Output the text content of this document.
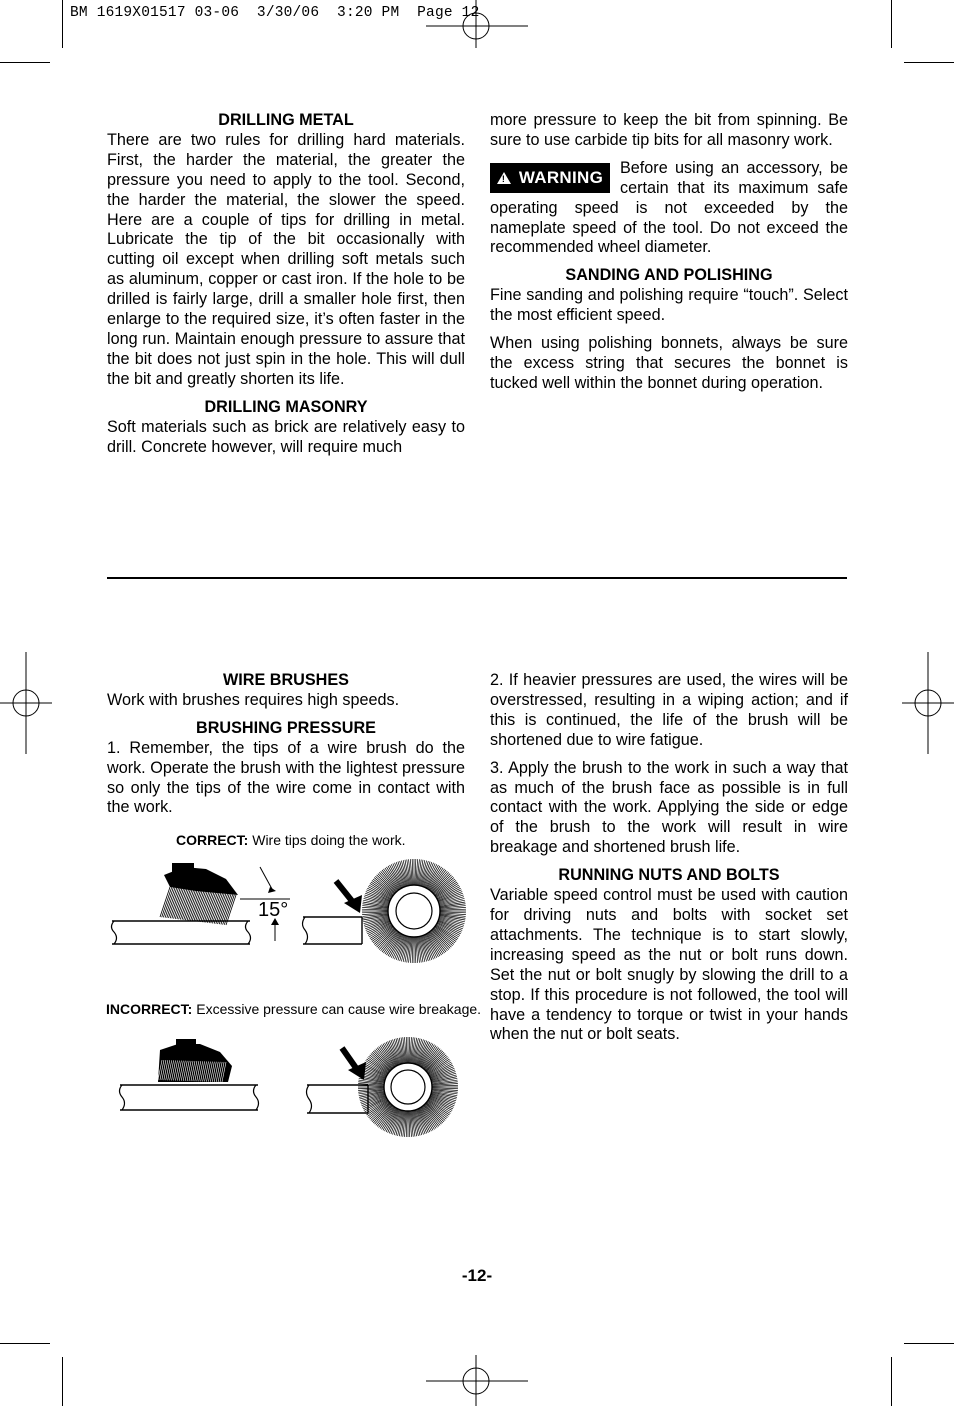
BM 1619X01517 03-06  3/30/06  3:20 PM  Page 12
DRILLING METAL

There are two rules for drilling hard materials. First, the harder the material, the greater the pressure you need to apply to the tool. Second, the harder the material, the slower the speed. Here are a couple of tips for drilling in metal. Lubricate the tip of the bit occasionally with cutting oil except when drilling soft metals such as aluminum, copper or cast iron. If the hole to be drilled is fairly large, drill a smaller hole first, then enlarge to the required size, it’s often faster in the long run. Maintain enough pressure to assure that the bit does not just spin in the hole. This will dull the bit and greatly shorten its life.

DRILLING MASONRY

Soft materials such as brick are relatively easy to drill. Concrete however, will require much

more pressure to keep the bit from spinning. Be sure to use carbide tip bits for all masonry work.

! WARNING

Before using an accessory, be certain that its maximum safe operating speed is not exceeded by the nameplate speed of the tool. Do not exceed the recommended wheel diameter.

SANDING AND POLISHING

Fine sanding and polishing require “touch”. Select the most efficient speed.

When using polishing bonnets, always be sure the excess string that secures the bonnet is tucked well within the bonnet during operation.

WIRE BRUSHES

Work with brushes requires high speeds.

BRUSHING PRESSURE

1. Remember, the tips of a wire brush do the work. Operate the brush with the lightest pressure so only the tips of the wire come in contact with the work.

CORRECT: Wire tips doing the work.
INCORRECT: Excessive pressure can cause wire breakage.
15°

2. If heavier pressures are used, the wires will be overstressed, resulting in a wiping action; and if this is continued, the life of the brush will be shortened due to wire fatigue.

3. Apply the brush to the work in such a way that as much of the brush face as possible is in full contact with the work. Applying the side or edge of the brush to the work will result in wire breakage and shortened brush life.

RUNNING NUTS AND BOLTS

Variable speed control must be used with caution for driving nuts and bolts with socket set attachments. The technique is to start slowly, increasing speed as the nut or bolt runs down. Set the nut or bolt snugly by slowing the drill to a stop. If this procedure is not followed, the tool will have a tendency to torque or twist in your hands when the nut or bolt seats.

-12-
